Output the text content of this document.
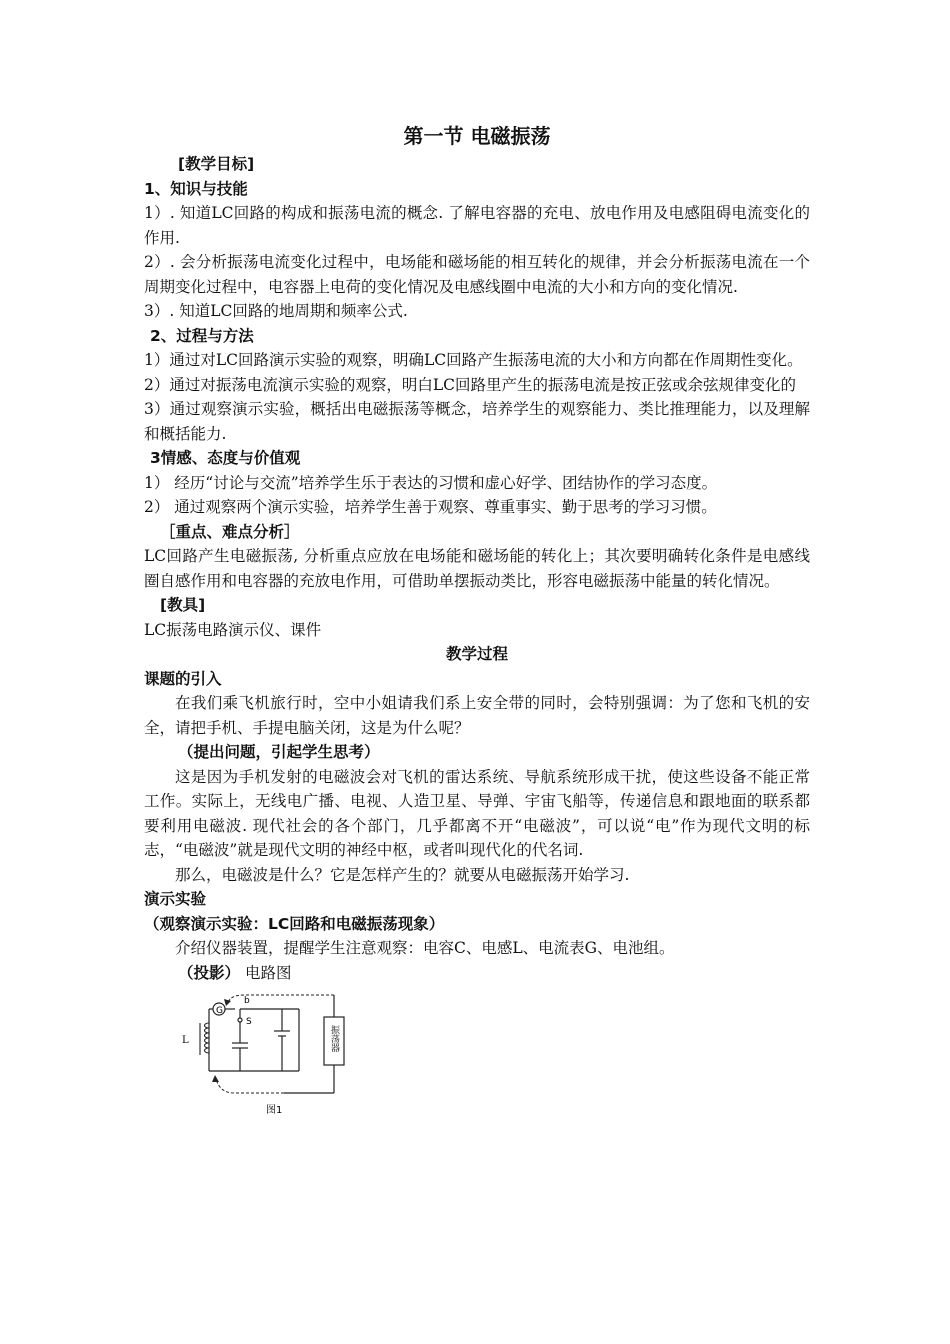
第一节 电磁振荡

[教学目标]

1、知识与技能

1）. 知道LC回路的构成和振荡电流的概念. 了解电容器的充电、放电作用及电感阻碍电流变化的作用.

2）. 会分析振荡电流变化过程中，电场能和磁场能的相互转化的规律，并会分析振荡电流在一个周期变化过程中，电容器上电荷的变化情况及电感线圈中电流的大小和方向的变化情况.

3）. 知道LC回路的地周期和频率公式.

2、过程与方法

1）通过对LC回路演示实验的观察，明确LC回路产生振荡电流的大小和方向都在作周期性变化。

2）通过对振荡电流演示实验的观察，明白LC回路里产生的振荡电流是按正弦或余弦规律变化的

3）通过观察演示实验，概括出电磁振荡等概念，培养学生的观察能力、类比推理能力，以及理解和概括能力.

3情感、态度与价值观

1） 经历“讨论与交流”培养学生乐于表达的习惯和虚心好学、团结协作的学习态度。

2） 通过观察两个演示实验，培养学生善于观察、尊重事实、勤于思考的学习习惯。

［重点、难点分析］

LC回路产生电磁振荡, 分析重点应放在电场能和磁场能的转化上；其次要明确转化条件是电感线圈自感作用和电容器的充放电作用，可借助单摆振动类比，形容电磁振荡中能量的转化情况。

[教具]

LC振荡电路演示仪、课件

教学过程

课题的引入

在我们乘飞机旅行时，空中小姐请我们系上安全带的同时，会特别强调：为了您和飞机的安全，请把手机、手提电脑关闭，这是为什么呢？

（提出问题，引起学生思考）

这是因为手机发射的电磁波会对飞机的雷达系统、导航系统形成干扰，使这些设备不能正常工作。实际上，无线电广播、电视、人造卫星、导弹、宇宙飞船等，传递信息和跟地面的联系都要利用电磁波. 现代社会的各个部门，几乎都离不开“电磁波”，可以说“电”作为现代文明的标志，“电磁波”就是现代文明的神经中枢，或者叫现代化的代名词.

那么，电磁波是什么？它是怎样产生的？就要从电磁振荡开始学习.

演示实验

（观察演示实验：LC回路和电磁振荡现象）

介绍仪器装置，提醒学生注意观察：电容C、电感L、电流表G、电池组。

（投影） 电路图

G
b
S
L	振荡器
图1
